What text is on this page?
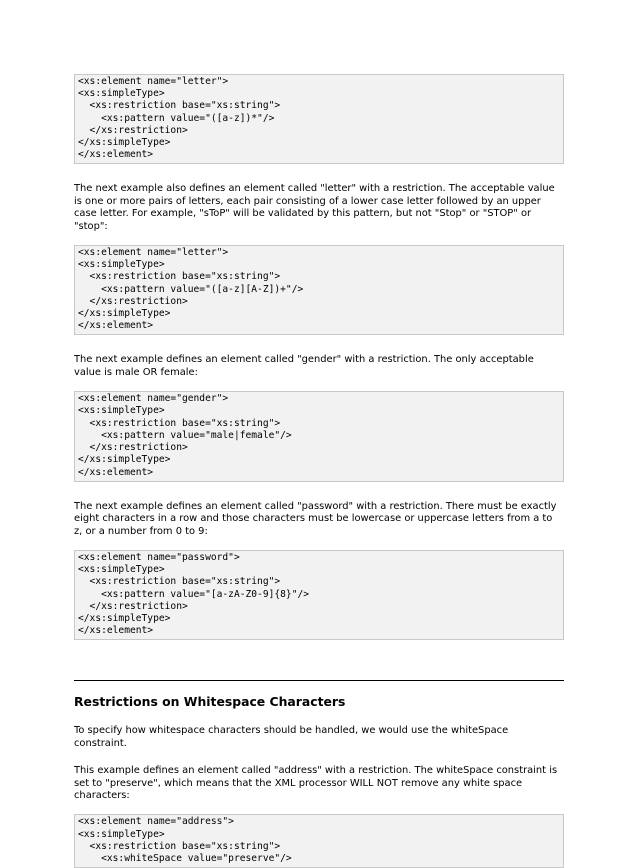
<xs:element name="letter">
<xs:simpleType>
<xs:restriction base="xs:string">
<xs:pattern value="([a-z])*"/>
</xs:restriction>
</xs:simpleType>
</xs:element>

The next example also defines an element called "letter" with a restriction. The acceptable value is one or more pairs of letters, each pair consisting of a lower case letter followed by an upper case letter. For example, "sToP" will be validated by this pattern, but not "Stop" or "STOP" or "stop":

<xs:element name="letter">
<xs:simpleType>
<xs:restriction base="xs:string">
<xs:pattern value="([a-z][A-Z])+"/>
</xs:restriction>
</xs:simpleType>
</xs:element>

The next example defines an element called "gender" with a restriction. The only acceptable value is male OR female:

<xs:element name="gender">
<xs:simpleType>
<xs:restriction base="xs:string">
<xs:pattern value="male|female"/>
</xs:restriction>
</xs:simpleType>
</xs:element>

The next example defines an element called "password" with a restriction. There must be exactly eight characters in a row and those characters must be lowercase or uppercase letters from a to z, or a number from 0 to 9:

<xs:element name="password">
<xs:simpleType>
<xs:restriction base="xs:string">
<xs:pattern value="[a-zA-Z0-9]{8}"/>
</xs:restriction>
</xs:simpleType>
</xs:element>
Restrictions on Whitespace Characters

To specify how whitespace characters should be handled, we would use the whiteSpace constraint.

This example defines an element called "address" with a restriction. The whiteSpace constraint is set to "preserve", which means that the XML processor WILL NOT remove any white space characters:

<xs:element name="address">
<xs:simpleType>
<xs:restriction base="xs:string">
<xs:whiteSpace value="preserve"/>
